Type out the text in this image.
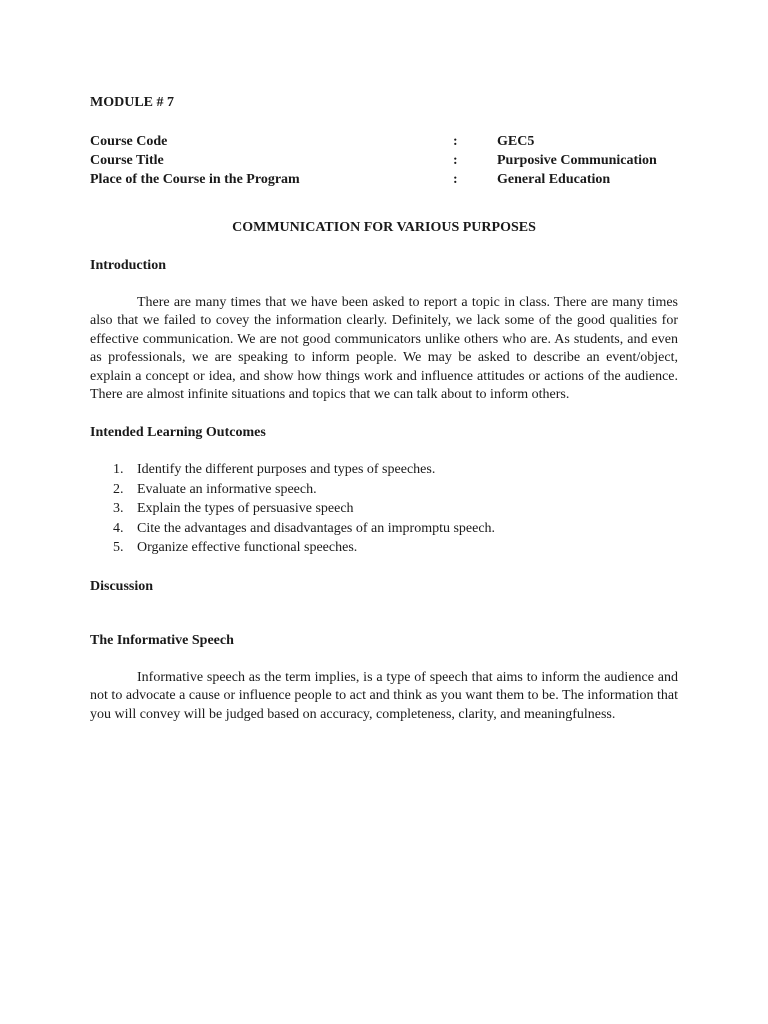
MODULE # 7

Course Code	:	GEC5
Course Title	:	Purposive Communication
Place of the Course in the Program	:	General Education
COMMUNICATION FOR VARIOUS PURPOSES

Introduction

There are many times that we have been asked to report a topic in class. There are many times also that we failed to covey the information clearly. Definitely, we lack some of the good qualities for effective communication. We are not good communicators unlike others who are. As students, and even as professionals, we are speaking to inform people. We may be asked to describe an event/object, explain a concept or idea, and show how things work and influence attitudes or actions of the audience. There are almost infinite situations and topics that we can talk about to inform others.

Intended Learning Outcomes

1. Identify the different purposes and types of speeches.
2. Evaluate an informative speech.
3. Explain the types of persuasive speech
4. Cite the advantages and disadvantages of an impromptu speech.
5. Organize effective functional speeches.

Discussion

The Informative Speech

Informative speech as the term implies, is a type of speech that aims to inform the audience and not to advocate a cause or influence people to act and think as you want them to be. The information that you will convey will be judged based on accuracy, completeness, clarity, and meaningfulness.
